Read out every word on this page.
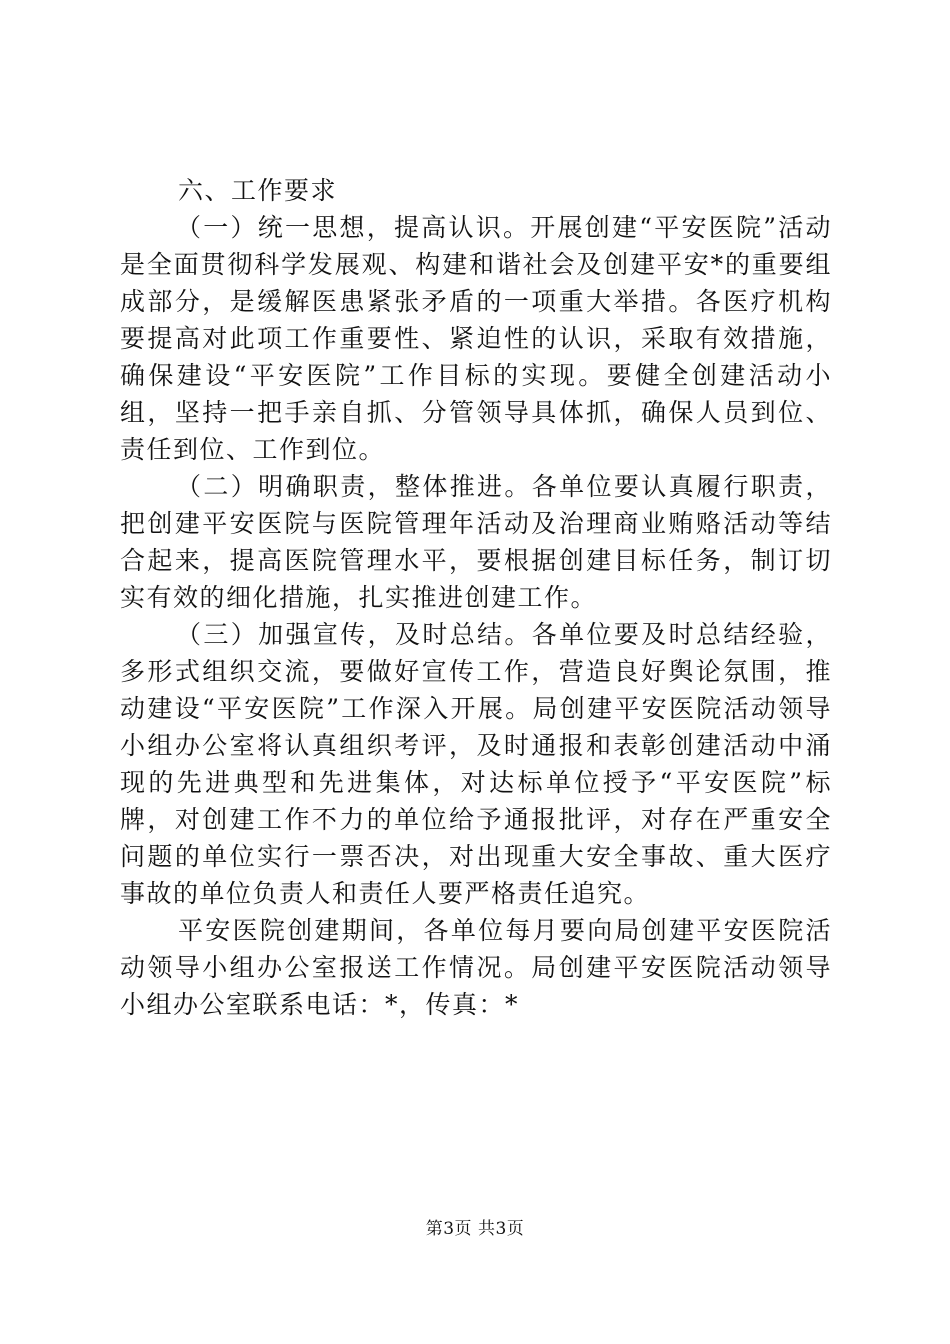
六、工作要求

（一）统一思想，提高认识。开展创建“平安医院”活动是全面贯彻科学发展观、构建和谐社会及创建平安*的重要组成部分，是缓解医患紧张矛盾的一项重大举措。各医疗机构要提高对此项工作重要性、紧迫性的认识，采取有效措施，确保建设“平安医院”工作目标的实现。要健全创建活动小组，坚持一把手亲自抓、分管领导具体抓，确保人员到位、责任到位、工作到位。

（二）明确职责，整体推进。各单位要认真履行职责，把创建平安医院与医院管理年活动及治理商业贿赂活动等结合起来，提高医院管理水平，要根据创建目标任务，制订切实有效的细化措施，扎实推进创建工作。

（三）加强宣传，及时总结。各单位要及时总结经验，多形式组织交流，要做好宣传工作，营造良好舆论氛围，推动建设“平安医院”工作深入开展。局创建平安医院活动领导小组办公室将认真组织考评，及时通报和表彰创建活动中涌现的先进典型和先进集体，对达标单位授予“平安医院”标牌，对创建工作不力的单位给予通报批评，对存在严重安全问题的单位实行一票否决，对出现重大安全事故、重大医疗事故的单位负责人和责任人要严格责任追究。

平安医院创建期间，各单位每月要向局创建平安医院活动领导小组办公室报送工作情况。局创建平安医院活动领导小组办公室联系电话：*，传真：*

第3页 共3页
